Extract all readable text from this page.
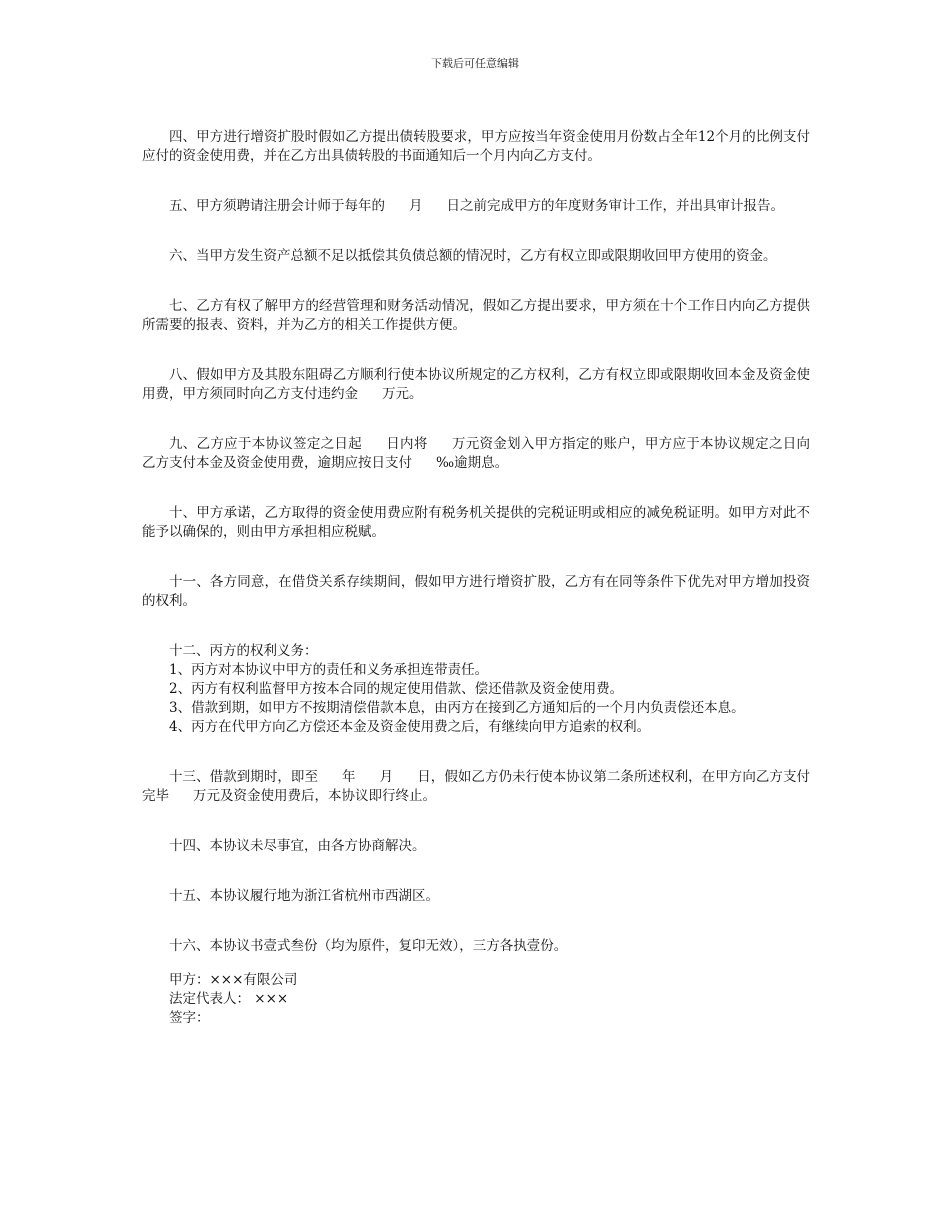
下载后可任意编辑

四、甲方进行增资扩股时假如乙方提出债转股要求，甲方应按当年资金使用月份数占全年12个月的比例支付应付的资金使用费，并在乙方出具债转股的书面通知后一个月内向乙方支付。

五、甲方须聘请注册会计师于每年的 月 日之前完成甲方的年度财务审计工作，并出具审计报告。

六、当甲方发生资产总额不足以抵偿其负债总额的情况时，乙方有权立即或限期收回甲方使用的资金。

七、乙方有权了解甲方的经营管理和财务活动情况，假如乙方提出要求，甲方须在十个工作日内向乙方提供所需要的报表、资料，并为乙方的相关工作提供方便。

八、假如甲方及其股东阻碍乙方顺利行使本协议所规定的乙方权利，乙方有权立即或限期收回本金及资金使用费，甲方须同时向乙方支付违约金 万元。

九、乙方应于本协议签定之日起 日内将 万元资金划入甲方指定的账户，甲方应于本协议规定之日向乙方支付本金及资金使用费，逾期应按日支付 ‰逾期息。

十、甲方承诺，乙方取得的资金使用费应附有税务机关提供的完税证明或相应的减免税证明。如甲方对此不能予以确保的，则由甲方承担相应税赋。

十一、各方同意，在借贷关系存续期间，假如甲方进行增资扩股，乙方有在同等条件下优先对甲方增加投资的权利。

十二、丙方的权利义务：

1、丙方对本协议中甲方的责任和义务承担连带责任。

2、丙方有权利监督甲方按本合同的规定使用借款、偿还借款及资金使用费。

3、借款到期，如甲方不按期清偿借款本息，由丙方在接到乙方通知后的一个月内负责偿还本息。

4、丙方在代甲方向乙方偿还本金及资金使用费之后，有继续向甲方追索的权利。

十三、借款到期时，即至 年 月 日，假如乙方仍未行使本协议第二条所述权利，在甲方向乙方支付完毕 万元及资金使用费后，本协议即行终止。

十四、本协议未尽事宜，由各方协商解决。

十五、本协议履行地为浙江省杭州市西湖区。

十六、本协议书壹式叁份（均为原件，复印无效），三方各执壹份。

甲方：×××有限公司
法定代表人： ×××
签字：
